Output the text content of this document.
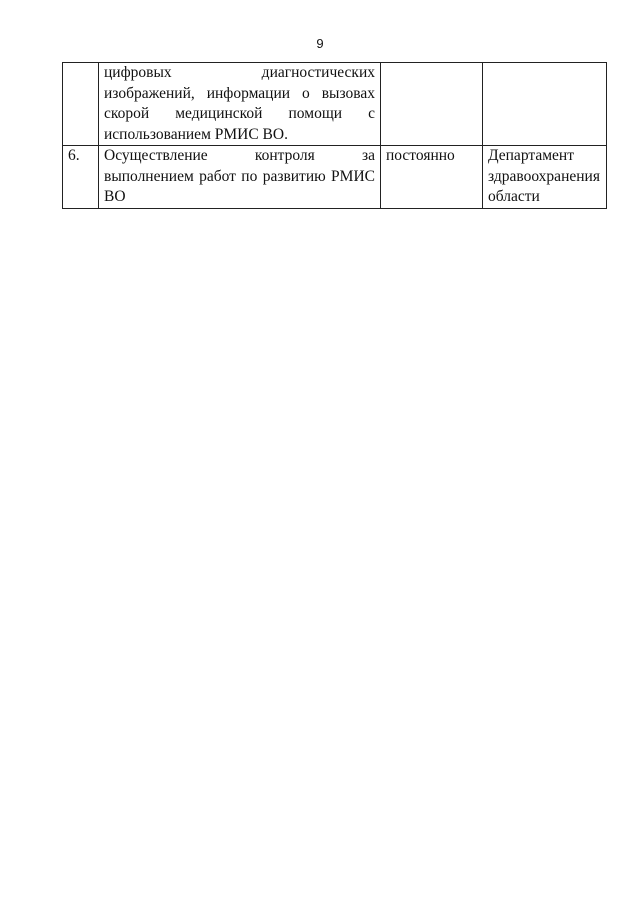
9

	цифровых диагностических
изображений, информации о вызовах
скорой медицинской помощи с
использованием РМИС ВО.		

6.	Осуществление контроля за
выполнением работ по развитию РМИС
ВО	постоянно	Департамент
здравоохранения
области
